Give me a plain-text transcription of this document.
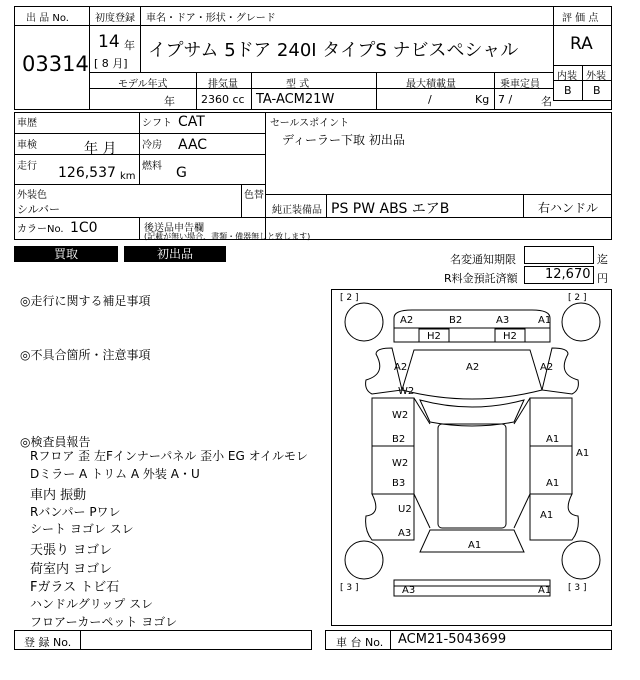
出 品 No.
03314
初度登録
14 年
[ 8 月]
車名・ドア・形状・グレード
イプサム 5ドア 240I タイプS ナビスペシャル
モデル年式
年
排気量
2360 cc
型 式
TA-ACM21W
最大積載量
/	Kg
乗車定員
7 /	名
評 価 点
RA
内装 外装
B B
車歴	シフト CAT
車検	年 月	冷房 AAC
走行 126,537 km
燃料 G
セールスポイント
ディーラー下取 初出品
外装色
シルバー
色替
純正装備品 PS PW ABS エアB	右ハンドル
カラーNo. 1C0	後送品申告欄
(記載が無い場合、書類・備器無しと致します)
買取	初出品	名変通知期限	迄
R料金預託済額 12,670 円
◎走行に関する補足事項
◎不具合箇所・注意事項
◎検査員報告
Rフロア 歪 左Fインナーパネル 歪小 EG オイルモレ
Dミラー A トリム A 外装 A・U
車内 振動
Rバンパー Pワレ
シート ヨゴレ スレ
天張り ヨゴレ
荷室内 ヨゴレ
Fガラス トビ石
ハンドルグリップ スレ
フロアーカーペット ヨゴレ
[ 2 ]	[ 2 ]
[ 3 ]	[ 3 ]
A2	B2	A3	A1
H2	H2
A2	A2	A2
W2
W2
B2	A1
A1
W2
B3	A1
U2
A1
A3
A1
A3	A1
登 録 No.	車 台 No. ACM21-5043699
